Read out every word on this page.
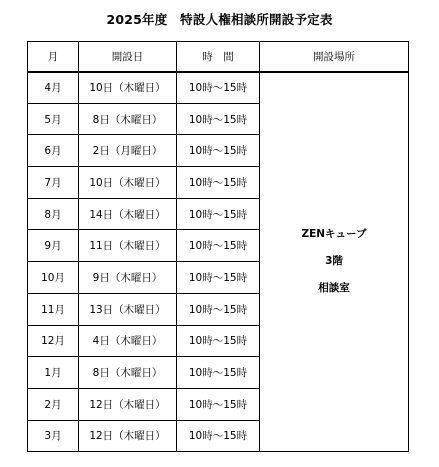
2025年度　特設人権相談所開設予定表
月	開設日	時　間	開設場所
4月	10日（木曜日）	10時～15時	ZENキューブ
3階
相談室

5月	8日（木曜日）	10時～15時	
6月	2日（月曜日）	10時～15時	
7月	10日（木曜日）	10時～15時	
8月	14日（木曜日）	10時～15時	
9月	11日（木曜日）	10時～15時	
10月	9日（木曜日）	10時～15時	
11月	13日（木曜日）	10時～15時	
12月	4日（木曜日）	10時～15時	
1月	8日（木曜日）	10時～15時	
2月	12日（木曜日）	10時～15時	
3月	12日（木曜日）	10時～15時	
